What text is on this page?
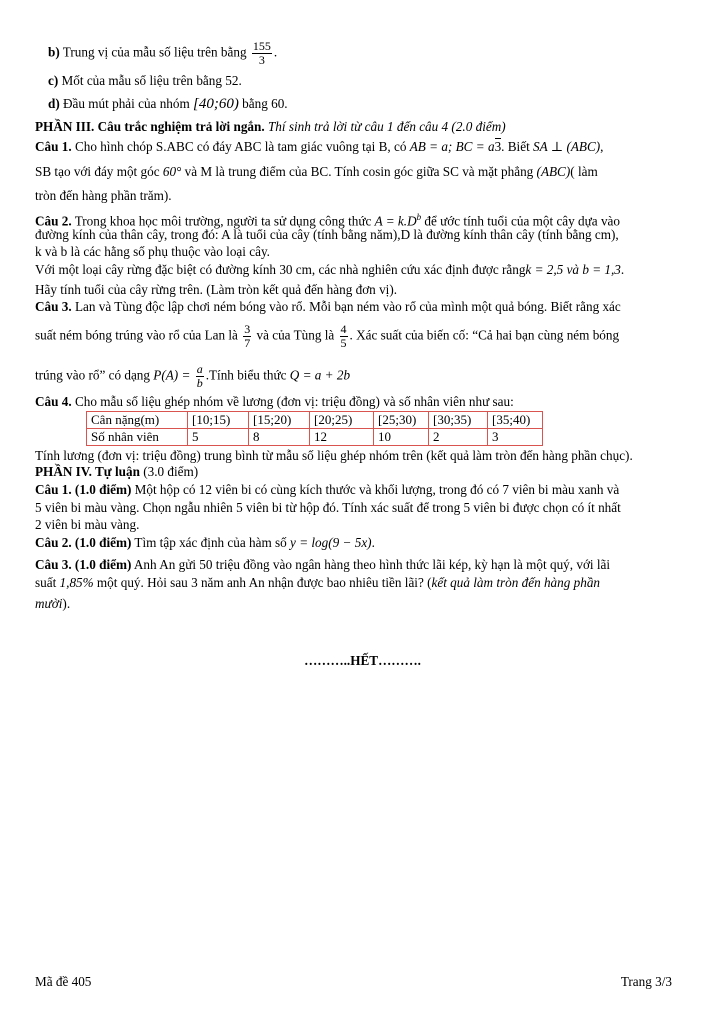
b) Trung vị của mẫu số liệu trên bằng $\frac{155}{3}$ .
c) Mốt của mẫu số liệu trên bằng 52.
d) Đầu mút phải của nhóm [40;60) bằng 60.
PHẦN III. Câu trắc nghiệm trả lời ngắn. Thí sinh trả lời từ câu 1 đến câu 4 (2.0 điểm)
Câu 1. Cho hình chóp S.ABC có đáy ABC là tam giác vuông tại B, có AB = a; BC = a3. Biết SA ⊥ (ABC),
SB tạo với đáy một góc 60° và M là trung điểm của BC. Tính cosin góc giữa SC và mặt phẳng (ABC)( làm
tròn đến hàng phần trăm).
Câu 2. Trong khoa học môi trường, người ta sử dụng công thức $A = k.D^b$ để ước tính tuổi của một cây dựa vào
đường kính của thân cây, trong đó: A là tuổi của cây (tính bằng năm),D là đường kính thân cây (tính bằng cm),
k và b là các hằng số phụ thuộc vào loại cây.
Với một loại cây rừng đặc biệt có đường kính 30 cm, các nhà nghiên cứu xác định được rằngk = 2,5 và b = 1,3.
Hãy tính tuổi của cây rừng trên. (Làm tròn kết quả đến hàng đơn vị).
Câu 3. Lan và Tùng độc lập chơi ném bóng vào rổ. Mỗi bạn ném vào rổ của mình một quả bóng. Biết rằng xác
suất ném bóng trúng vào rổ của Lan là $\frac{3}{7}$ và của Tùng là $\frac{4}{5}$ . Xác suất của biến cố: “Cả hai bạn cùng ném bóng
trúng vào rổ” có dạng $P(A) = \frac{a}{b}$ .Tính biểu thức Q = a + 2b
Câu 4. Cho mẫu số liệu ghép nhóm về lương (đơn vị: triệu đồng) và số nhân viên như sau:
Cân nặng(m)	[10;15)	[15;20)	[20;25)	[25;30)	[30;35)	[35;40)
Số nhân viên	5	8	12	10	2	3
Tính lương (đơn vị: triệu đồng) trung bình từ mẫu số liệu ghép nhóm trên (kết quả làm tròn đến hàng phần chục).
PHẦN IV. Tự luận (3.0 điểm)
Câu 1. (1.0 điểm) Một hộp có 12 viên bi có cùng kích thước và khối lượng, trong đó có 7 viên bi màu xanh và
5 viên bi màu vàng. Chọn ngẫu nhiên 5 viên bi từ hộp đó. Tính xác suất để trong 5 viên bi được chọn có ít nhất
2 viên bi màu vàng.
Câu 2. (1.0 điểm) Tìm tập xác định của hàm số y = log(9 − 5x).
Câu 3. (1.0 điểm) Anh An gửi 50 triệu đồng vào ngân hàng theo hình thức lãi kép, kỳ hạn là một quý, với lãi
suất 1,85% một quý. Hỏi sau 3 năm anh An nhận được bao nhiêu tiền lãi? (kết quả làm tròn đến hàng phần
mười).
………..HẾT……….
Mã đề 405	Trang 3/3
